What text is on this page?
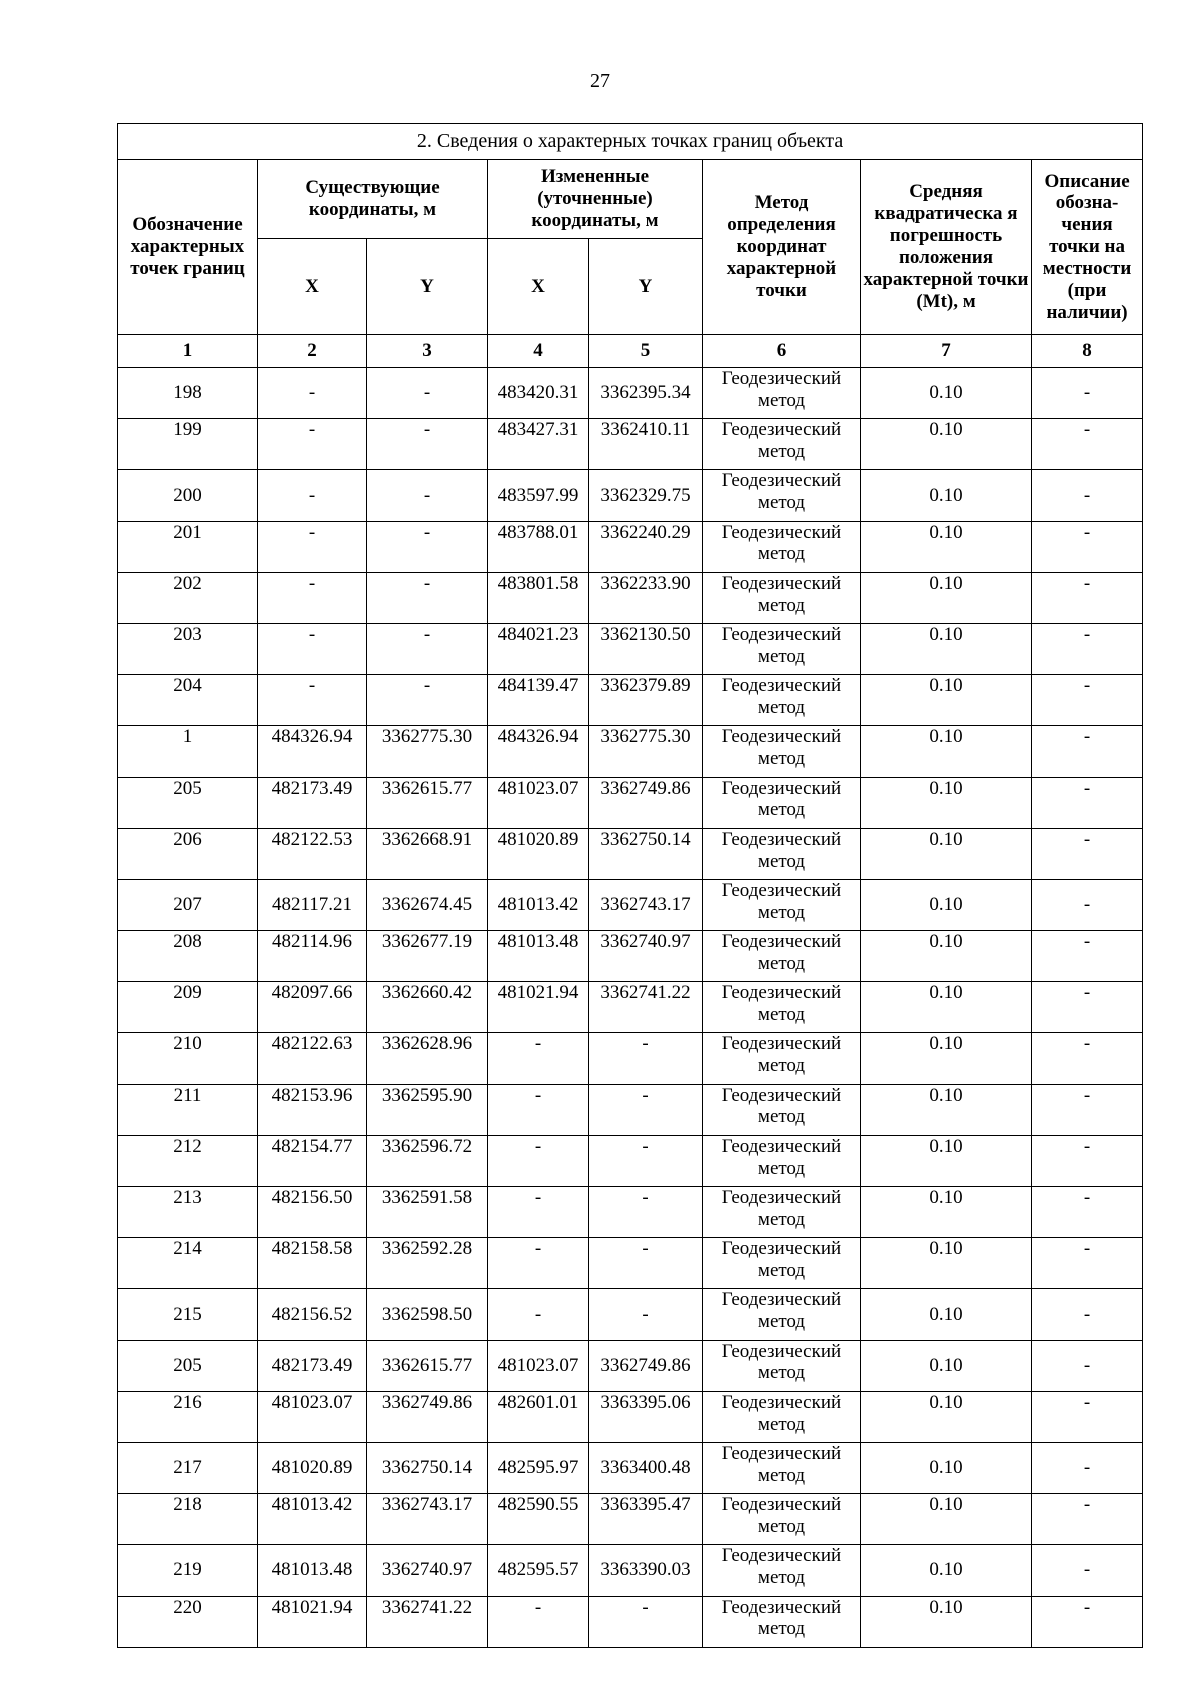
27
2. Сведения о характерных точках границ объекта							
Обозначение характерных точек границ	Существующие координаты, м		Измененные (уточненные) координаты, м		Метод определения координат характерной точки	Средняя квадратическа я погрешность положения характерной точки (Mt), м	Описание обозна-чения точки на местности (при наличии)
	X	Y	X	Y			
1	2	3	4	5	6	7	8
198	-	-	483420.31	3362395.34	Геодезический метод	0.10	-
199	-	-	483427.31	3362410.11	Геодезический метод	0.10	-
200	-	-	483597.99	3362329.75	Геодезический метод	0.10	-
201	-	-	483788.01	3362240.29	Геодезический метод	0.10	-
202	-	-	483801.58	3362233.90	Геодезический метод	0.10	-
203	-	-	484021.23	3362130.50	Геодезический метод	0.10	-
204	-	-	484139.47	3362379.89	Геодезический метод	0.10	-
1	484326.94	3362775.30	484326.94	3362775.30	Геодезический метод	0.10	-
205	482173.49	3362615.77	481023.07	3362749.86	Геодезический метод	0.10	-
206	482122.53	3362668.91	481020.89	3362750.14	Геодезический метод	0.10	-
207	482117.21	3362674.45	481013.42	3362743.17	Геодезический метод	0.10	-
208	482114.96	3362677.19	481013.48	3362740.97	Геодезический метод	0.10	-
209	482097.66	3362660.42	481021.94	3362741.22	Геодезический метод	0.10	-
210	482122.63	3362628.96	-	-	Геодезический метод	0.10	-
211	482153.96	3362595.90	-	-	Геодезический метод	0.10	-
212	482154.77	3362596.72	-	-	Геодезический метод	0.10	-
213	482156.50	3362591.58	-	-	Геодезический метод	0.10	-
214	482158.58	3362592.28	-	-	Геодезический метод	0.10	-
215	482156.52	3362598.50	-	-	Геодезический метод	0.10	-
205	482173.49	3362615.77	481023.07	3362749.86	Геодезический метод	0.10	-
216	481023.07	3362749.86	482601.01	3363395.06	Геодезический метод	0.10	-
217	481020.89	3362750.14	482595.97	3363400.48	Геодезический метод	0.10	-
218	481013.42	3362743.17	482590.55	3363395.47	Геодезический метод	0.10	-
219	481013.48	3362740.97	482595.57	3363390.03	Геодезический метод	0.10	-
220	481021.94	3362741.22	-	-	Геодезический метод	0.10	-
